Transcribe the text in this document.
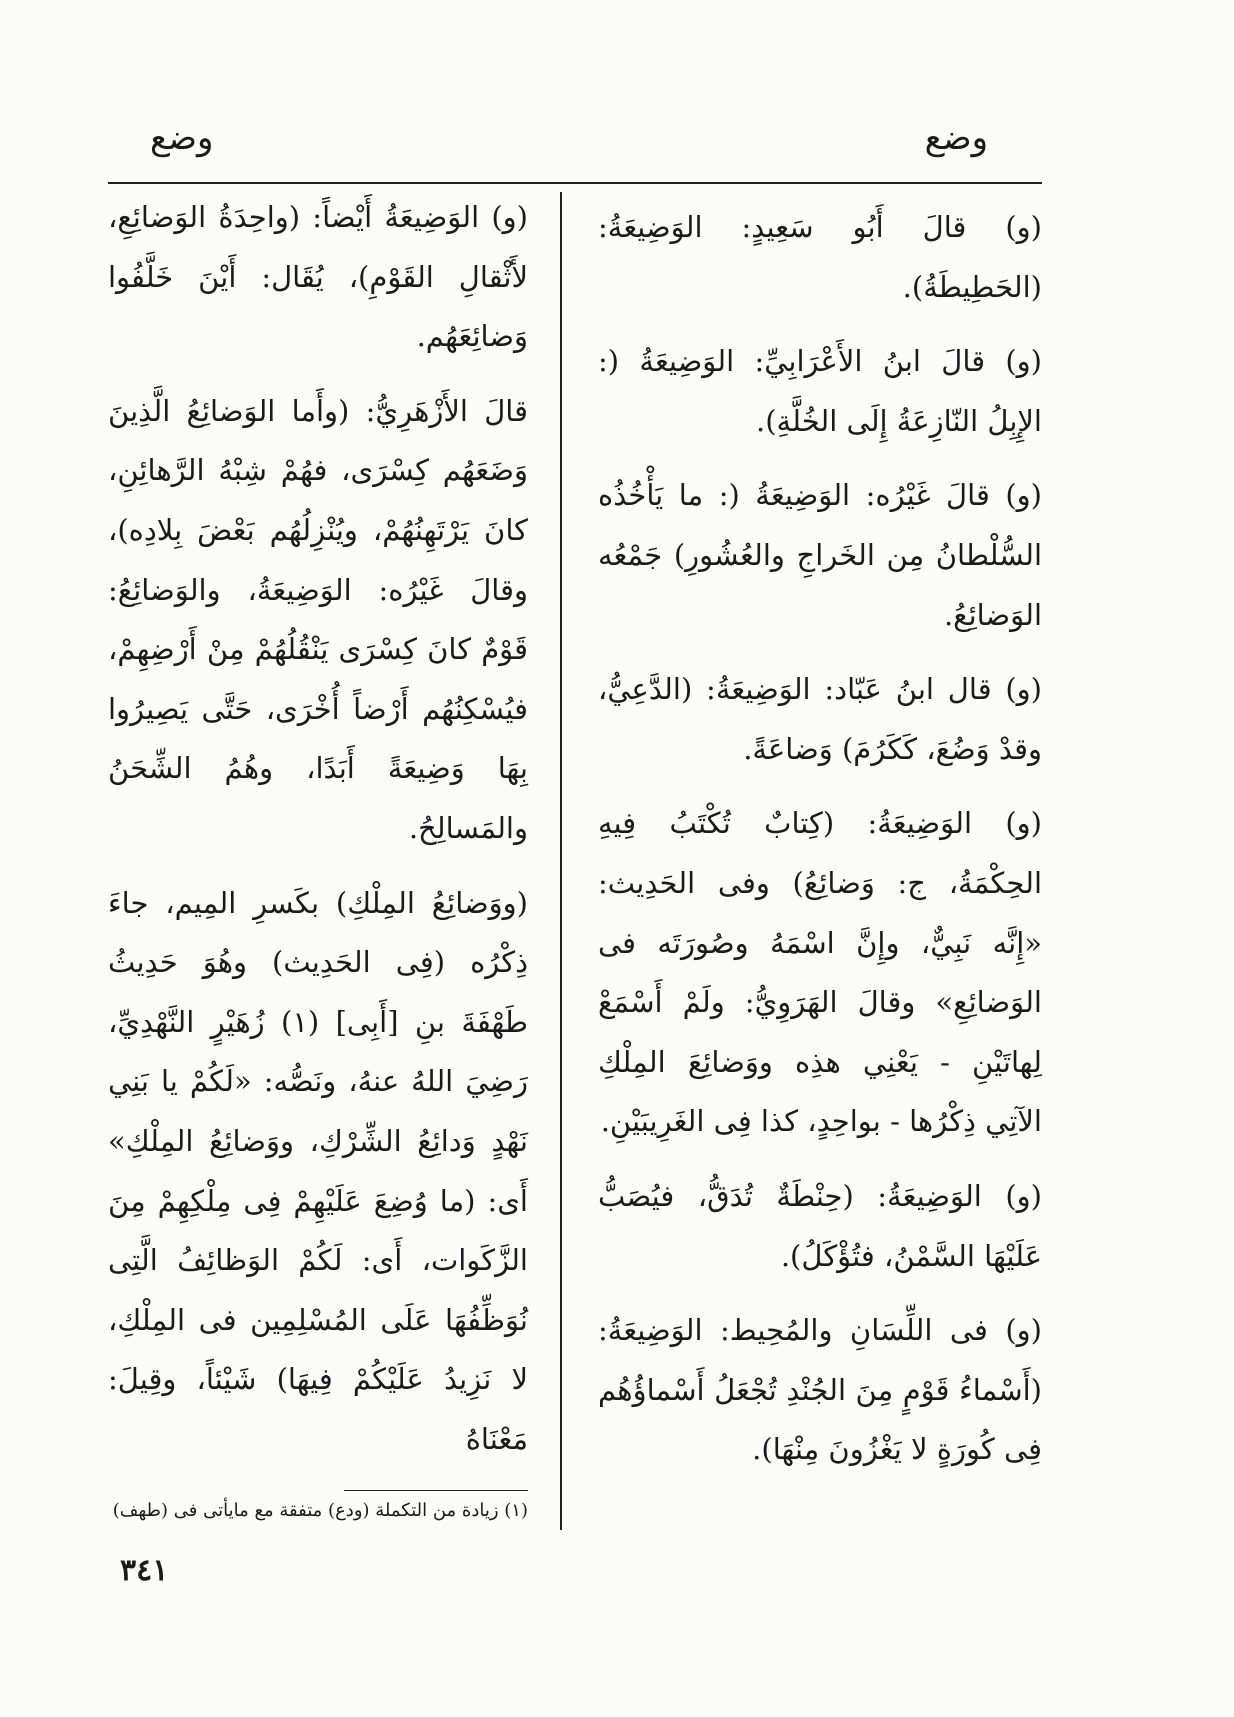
وضع
وضع

(و) قالَ أَبُو سَعِيدٍ: الوَضِيعَةُ: (الحَطِيطَةُ).

(و) قالَ ابنُ الأَعْرَابِيِّ: الوَضِيعَةُ (: الإِبِلُ النّازِعَةُ إِلَى الخُلَّةِ).

(و) قالَ غَيْرُه: الوَضِيعَةُ (: ما يَأْخُذُه السُّلْطانُ مِن الخَراجِ والعُشُورِ) جَمْعُه الوَضائِعُ.

(و) قال ابنُ عَبّاد: الوَضِيعَةُ: (الدَّعِيُّ، وقدْ وَضُعَ، كَكَرُمَ) وَضاعَةً.

(و) الوَضِيعَةُ: (كِتابٌ تُكْتَبُ فِيهِ الحِكْمَةُ، ج: وَضائِعُ) وفى الحَدِيث: «إِنَّه نَبِيٌّ، وإِنَّ اسْمَهُ وصُورَتَه فى الوَضائِعِ» وقالَ الهَرَوِيُّ: ولَمْ أَسْمَعْ لِهاتَيْنِ - يَعْنِي هذِه ووَضائِعَ المِلْكِ الآتِي ذِكْرُها - بواحِدٍ، كذا فِى الغَرِيبَيْنِ.

(و) الوَضِيعَةُ: (حِنْطَةٌ تُدَقُّ، فيُصَبُّ عَلَيْهَا السَّمْنُ، فتُؤْكَلُ).

(و) فى اللِّسَانِ والمُحِيط: الوَضِيعَةُ: (أَسْماءُ قَوْمٍ مِنَ الجُنْدِ تُجْعَلُ أَسْماؤُهُم فِى كُورَةٍ لا يَغْزُونَ مِنْهَا).

(و) الوَضِيعَةُ أَيْضاً: (واحِدَةُ الوَضائِعِ، لأَثْقالِ القَوْمِ)، يُقَال: أَيْنَ خَلَّفُوا وَضائِعَهُم.

قالَ الأَزْهَرِيُّ: (وأَما الوَضائِعُ الَّذِينَ وَضَعَهُم كِسْرَى، فهُمْ شِبْهُ الرَّهائِنِ، كانَ يَرْتَهِنُهُمْ، ويُنْزِلُهُم بَعْضَ بِلادِه)، وقالَ غَيْرُه: الوَضِيعَةُ، والوَضائِعُ: قَوْمٌ كانَ كِسْرَى يَنْقُلُهُمْ مِنْ أَرْضِهِمْ، فيُسْكِنُهُم أَرْضاً أُخْرَى، حَتَّى يَصِيرُوا بِهَا وَضِيعَةً أَبَدًا، وهُمُ الشِّحَنُ والمَسالِحُ.

(ووَضائِعُ المِلْكِ) بكَسرِ المِيم، جاءَ ذِكْرُه (فِى الحَدِيث) وهُوَ حَدِيثُ طَهْفَةَ بنِ [أَبِى] (١) زُهَيْرٍ النَّهْدِيِّ، رَضِيَ اللهُ عنهُ، ونَصُّه: «لَكُمْ يا بَنِي نَهْدٍ وَدائِعُ الشِّرْكِ، ووَضائِعُ المِلْكِ» أَى: (ما وُضِعَ عَلَيْهِمْ فِى مِلْكِهِمْ مِنَ الزَّكَوات، أَى: لَكُمْ الوَظائِفُ الَّتِى نُوَظِّفُهَا عَلَى المُسْلِمِين فى المِلْكِ، لا نَزِيدُ عَلَيْكُمْ فِيهَا) شَيْئاً، وقِيلَ: مَعْنَاهُ

(١) زيادة من التكملة (ودع) متفقة مع مايأتى فى (طهف)
٣٤١
